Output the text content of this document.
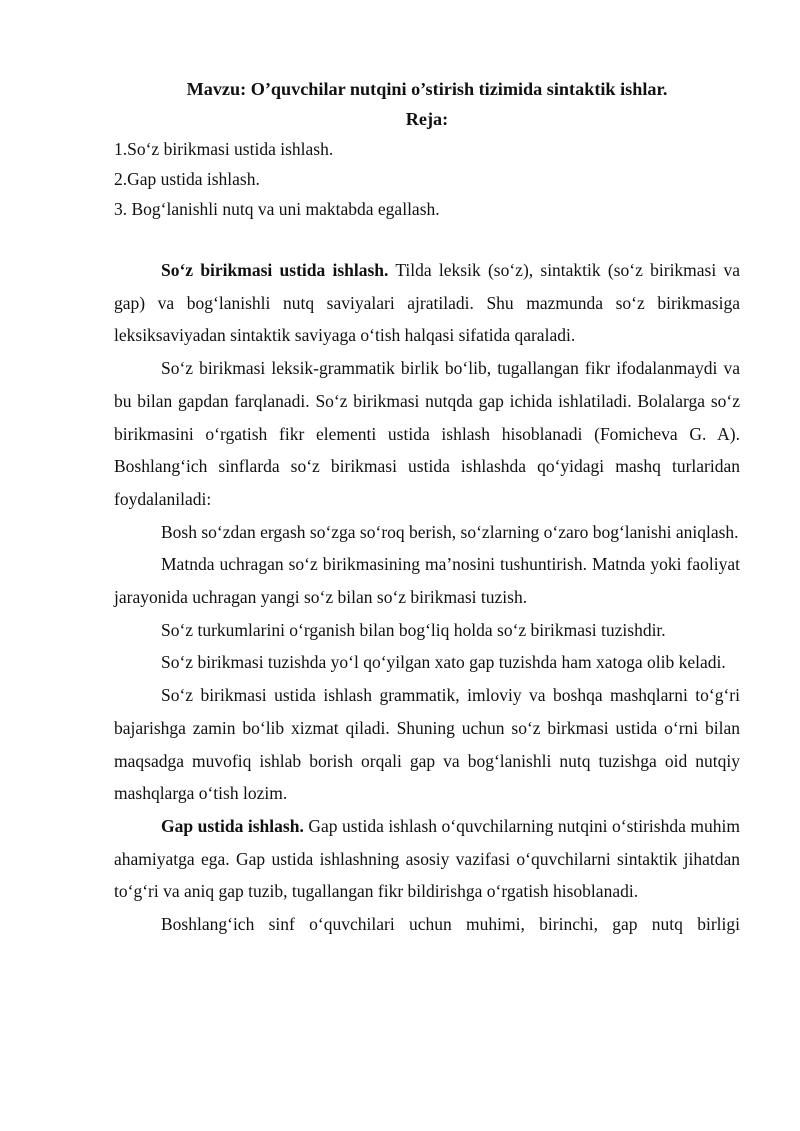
Mavzu: O’quvchilar nutqini o’stirish tizimida sintaktik ishlar.

Reja:

1.So‘z birikmasi ustida ishlash.
2.Gap ustida ishlash.
3. Bog‘lanishli nutq va uni maktabda egallash.

So‘z birikmasi ustida ishlash. Tilda leksik (so‘z), sintaktik (so‘z birikmasi va gap) va bog‘lanishli nutq saviyalari ajratiladi. Shu mazmunda so‘z birikmasiga leksiksaviyadan sintaktik saviyaga o‘tish halqasi sifatida qaraladi.

So‘z birikmasi leksik-grammatik birlik bo‘lib, tugallangan fikr ifodalanmaydi va bu bilan gapdan farqlanadi. So‘z birikmasi nutqda gap ichida ishlatiladi. Bolalarga so‘z birikmasini o‘rgatish fikr elementi ustida ishlash hisoblanadi (Fomicheva G. A). Boshlang‘ich sinflarda so‘z birikmasi ustida ishlashda qo‘yidagi mashq turlaridan foydalaniladi:

Bosh so‘zdan ergash so‘zga so‘roq berish, so‘zlarning o‘zaro bog‘lanishi aniqlash.

Matnda uchragan so‘z birikmasining ma’nosini tushuntirish. Matnda yoki faoliyat jarayonida uchragan yangi so‘z bilan so‘z birikmasi tuzish.

So‘z turkumlarini o‘rganish bilan bog‘liq holda so‘z birikmasi tuzishdir.

So‘z birikmasi tuzishda yo‘l qo‘yilgan xato gap tuzishda ham xatoga olib keladi.

So‘z birikmasi ustida ishlash grammatik, imloviy va boshqa mashqlarni to‘g‘ri bajarishga zamin bo‘lib xizmat qiladi. Shuning uchun so‘z birkmasi ustida o‘rni bilan maqsadga muvofiq ishlab borish orqali gap va bog‘lanishli nutq tuzishga oid nutqiy mashqlarga o‘tish lozim.

Gap ustida ishlash. Gap ustida ishlash o‘quvchilarning nutqini o‘stirishda muhim ahamiyatga ega. Gap ustida ishlashning asosiy vazifasi o‘quvchilarni sintaktik jihatdan to‘g‘ri va aniq gap tuzib, tugallangan fikr bildirishga o‘rgatish hisoblanadi.

Boshlang‘ich sinf o‘quvchilari uchun muhimi, birinchi, gap nutq birligi
